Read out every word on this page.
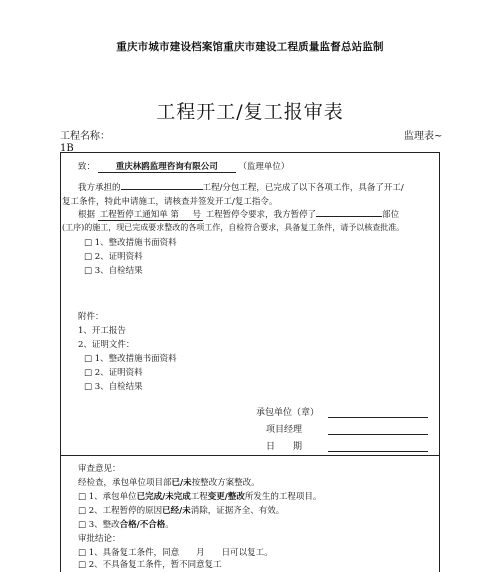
重庆市城市建设档案馆重庆市建设工程质量监督总站监制
工程开工/复工报审表
工程名称：	监理表~
1B
致： 重庆林鸥监理咨询有限公司 （监理单位）
我方承担的	工程/分包工程，已完成了以下各项工作，具备了开工/
复工条件，特此申请施工，请核查并签发开工/复工指令。
根据 工程暂停工通知单 第 号 工程暂停令要求，我方暂停了	部位
(工序)的施工，现已完成要求整改的各项工作，自检符合要求，具备复工条件，请予以核查批准。
□ 1、整改措施书面资料
□ 2、证明资料
□ 3、自检结果
附件：
1、开工报告
2、证明文件：
□ 1、整改措施书面资料
□ 2、证明资料
□ 3、自检结果
承包单位（章）
项目经理
日　　期
审查意见：
经检查，承包单位项目部已/未按整改方案整改。
□ 1、承包单位已完成/未完成工程变更/整改所发生的工程项目。
□ 2、工程暂停的原因已经/未消除，证据齐全、有效。
□ 3、整改合格/不合格。
审批结论：
□ 1、具备复工条件，同意　　月　　日可以复工。
□ 2、不具备复工条件，暂不同意复工
